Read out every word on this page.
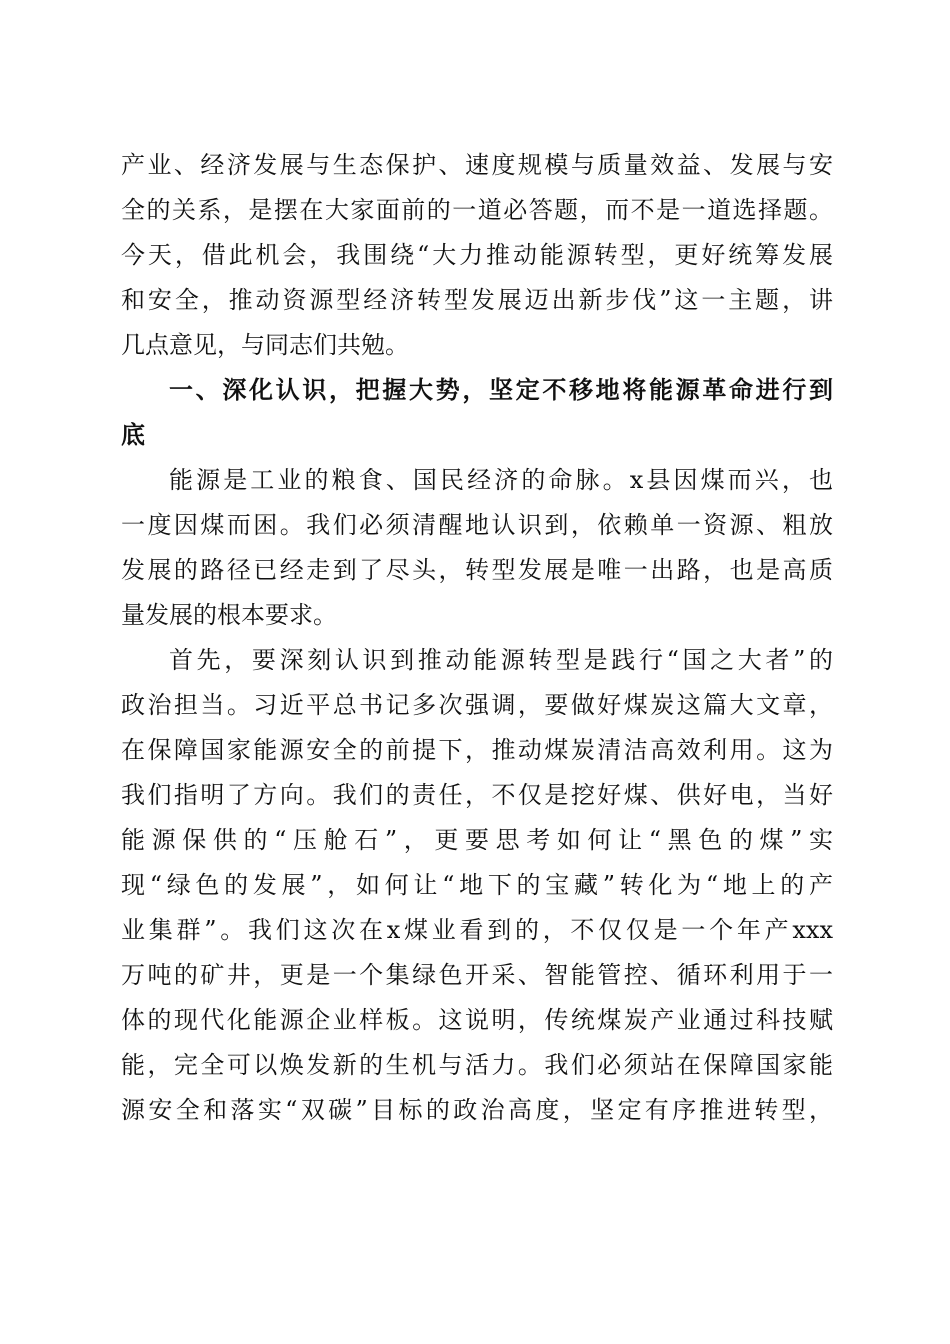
产业、经济发展与生态保护、速度规模与质量效益、发展与安
全的关系，是摆在大家面前的一道必答题，而不是一道选择题。
今天，借此机会，我围绕“大力推动能源转型，更好统筹发展
和安全，推动资源型经济转型发展迈出新步伐”这一主题，讲
几点意见，与同志们共勉。
一、深化认识，把握大势，坚定不移地将能源革命进行到
底
能源是工业的粮食、国民经济的命脉。x县因煤而兴，也
一度因煤而困。我们必须清醒地认识到，依赖单一资源、粗放
发展的路径已经走到了尽头，转型发展是唯一出路，也是高质
量发展的根本要求。
首先，要深刻认识到推动能源转型是践行“国之大者”的
政治担当。习近平总书记多次强调，要做好煤炭这篇大文章，
在保障国家能源安全的前提下，推动煤炭清洁高效利用。这为
我们指明了方向。我们的责任，不仅是挖好煤、供好电，当好
能源保供的“压舱石”，更要思考如何让“黑色的煤”实
现“绿色的发展”，如何让“地下的宝藏”转化为“地上的产
业集群”。我们这次在x煤业看到的，不仅仅是一个年产xxx
万吨的矿井，更是一个集绿色开采、智能管控、循环利用于一
体的现代化能源企业样板。这说明，传统煤炭产业通过科技赋
能，完全可以焕发新的生机与活力。我们必须站在保障国家能
源安全和落实“双碳”目标的政治高度，坚定有序推进转型，
